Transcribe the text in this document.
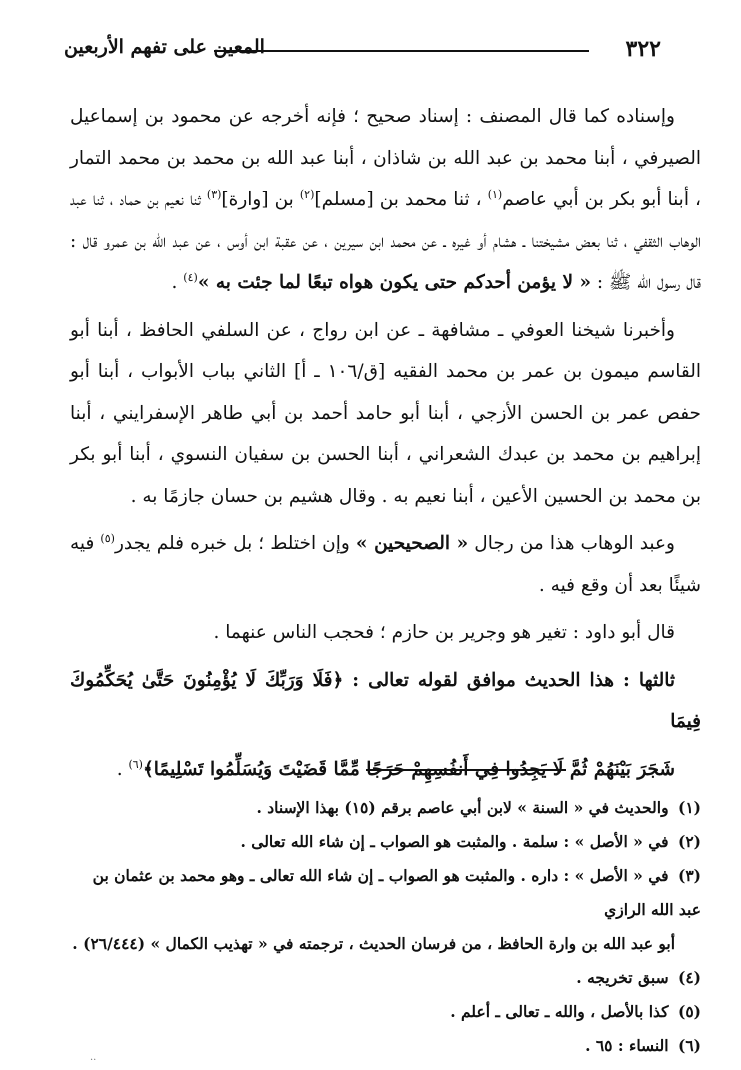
٣٢٢
المعين على تفهم الأربعين

وإسناده كما قال المصنف : إسناد صحيح ؛ فإنه أخرجه عن محمود بن إسماعيل الصيرفي ، أبنا محمد بن عبد الله بن شاذان ، أبنا عبد الله بن محمد بن محمد التمار ، أبنا أبو بكر بن أبي عاصم$^{(١)}$ ، ثنا محمد بن [مسلم]$^{(٢)}$ بن [وارة]$^{(٣)}$ ثنا نعيم بن حماد ، ثنا عبد الوهاب الثقفي ، ثنا بعض مشيختنا ـ هشام أو غيره ـ عن محمد ابن سيرين ، عن عقبة ابن أوس ، عن عبد الله بن عمرو قال : قال رسول الله ﷺ : « لا يؤمن أحدكم حتى يكون هواه تبعًا لما جئت به »$^{(٤)}$ .

وأخبرنا شيخنا العوفي ـ مشافهة ـ عن ابن رواج ، عن السلفي الحافظ ، أبنا أبو القاسم ميمون بن عمر بن محمد الفقيه [ق/١٠٦ ـ أ] الثاني بباب الأبواب ، أبنا أبو حفص عمر بن الحسن الأزجي ، أبنا أبو حامد أحمد بن أبي طاهر الإسفرايني ، أبنا إبراهيم بن محمد بن عبدك الشعراني ، أبنا الحسن بن سفيان النسوي ، أبنا أبو بكر بن محمد بن الحسين الأعين ، أبنا نعيم به . وقال هشيم بن حسان جازمًا به .

وعبد الوهاب هذا من رجال « الصحيحين » وإن اختلط ؛ بل خبره فلم يجدر$^{(٥)}$ فيه شيئًا بعد أن وقع فيه .

قال أبو داود : تغير هو وجرير بن حازم ؛ فحجب الناس عنهما .

ثالثها : هذا الحديث موافق لقوله تعالى : ﴿فَلَا وَرَبِّكَ لَا يُؤْمِنُونَ حَتَّىٰ يُحَكِّمُوكَ فِيمَا

شَجَرَ بَيْنَهُمْ ثُمَّ لَا يَجِدُوا فِي أَنفُسِهِمْ حَرَجًا مِّمَّا قَضَيْتَ وَيُسَلِّمُوا تَسْلِيمًا﴾$^{(٦)}$ .

(١) والحديث في « السنة » لابن أبي عاصم برقم (١٥) بهذا الإسناد .

(٢) في « الأصل » : سلمة . والمثبت هو الصواب ـ إن شاء الله تعالى .

(٣) في « الأصل » : داره . والمثبت هو الصواب ـ إن شاء الله تعالى ـ وهو محمد بن عثمان بن عبد الله الرازي

أبو عبد الله بن وارة الحافظ ، من فرسان الحديث ، ترجمته في « تهذيب الكمال » (٢٦/٤٤٤) .

(٤) سبق تخريجه .

(٥) كذا بالأصل ، والله ـ تعالى ـ أعلم .

(٦) النساء : ٦٥ .

..
